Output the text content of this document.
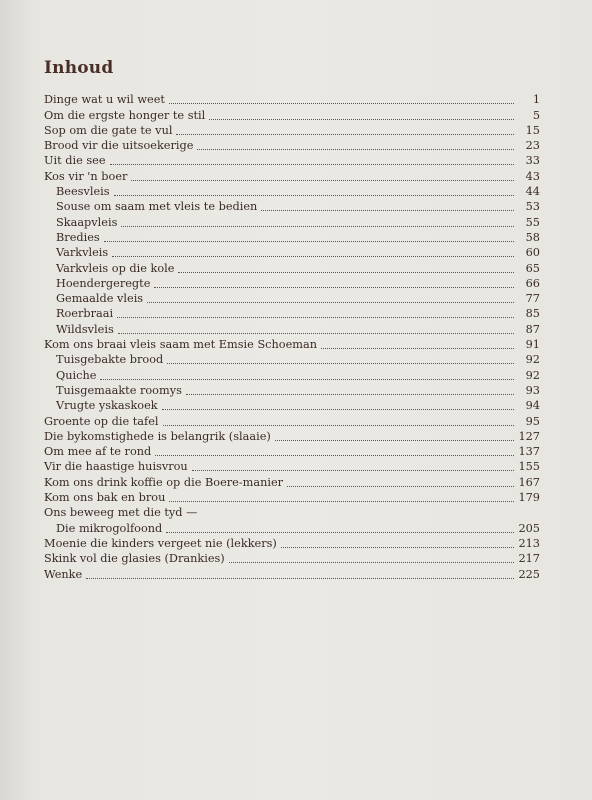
Inhoud
Dinge wat u wil weet	1
Om die ergste honger te stil	5
Sop om die gate te vul	15
Brood vir die uitsoekerige	23
Uit die see	33
Kos vir 'n boer	43
Beesvleis	44
Souse om saam met vleis te bedien	53
Skaapvleis	55
Bredies	58
Varkvleis	60
Varkvleis op die kole	65
Hoendergeregte	66
Gemaalde vleis	77
Roerbraai	85
Wildsvleis	87
Kom ons braai vleis saam met Emsie Schoeman	91
Tuisgebakte brood	92
Quiche	92
Tuisgemaakte roomys	93
Vrugte yskaskoek	94
Groente op die tafel	95
Die bykomstighede is belangrik (slaaie)	127
Om mee af te rond	137
Vir die haastige huisvrou	155
Kom ons drink koffie op die Boere-manier	167
Kom ons bak en brou	179
Ons beweeg met die tyd —
Die mikrogolfoond	205
Moenie die kinders vergeet nie (lekkers)	213
Skink vol die glasies (Drankies)	217
Wenke	225
